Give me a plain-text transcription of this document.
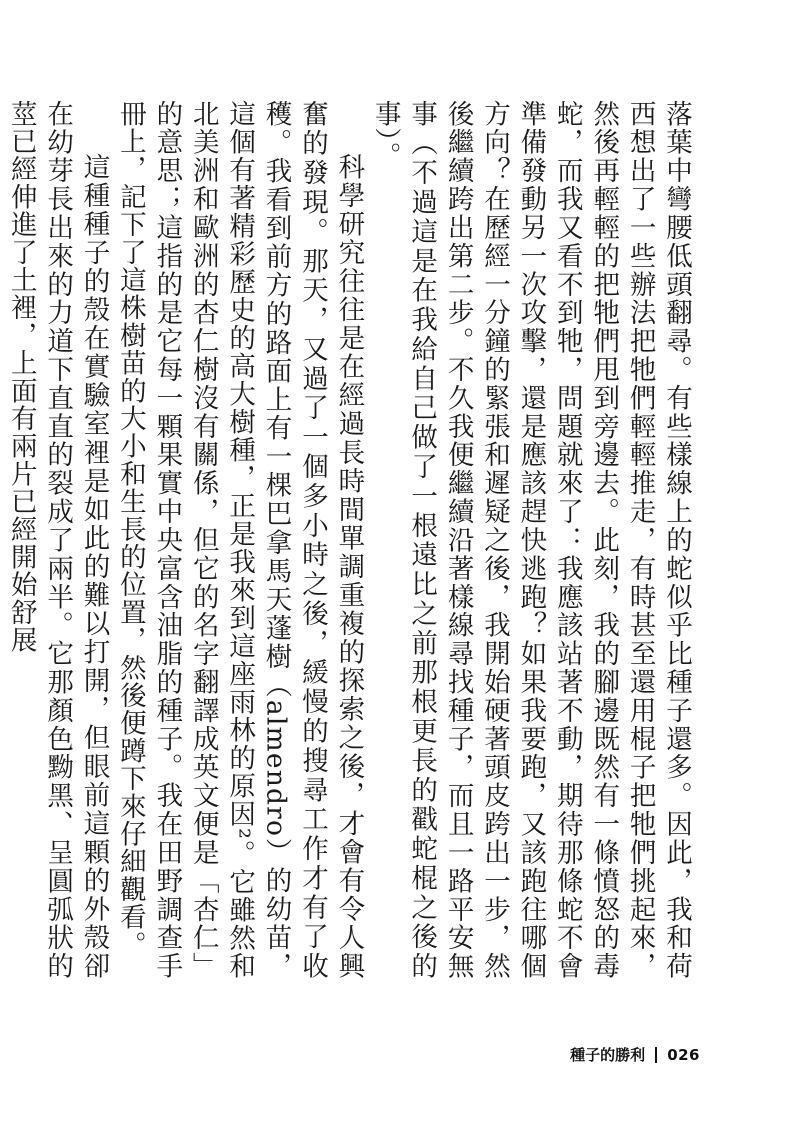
落葉中彎腰低頭翻尋。有些樣線上的蛇似乎比種子還多。因此，我和荷西想出了一些辦法把牠們輕輕推走，有時甚至還用棍子把牠們挑起來，然後再輕輕的把牠們甩到旁邊去。此刻，我的腳邊既然有一條憤怒的毒蛇，而我又看不到牠，問題就來了：我應該站著不動，期待那條蛇不會準備發動另一次攻擊，還是應該趕快逃跑？如果我要跑，又該跑往哪個方向？在歷經一分鐘的緊張和遲疑之後，我開始硬著頭皮跨出一步，然後繼續跨出第二步。不久我便繼續沿著樣線尋找種子，而且一路平安無事（不過這是在我給自己做了一根遠比之前那根更長的戳蛇棍之後的事）。

科學研究往往是在經過長時間單調重複的探索之後，才會有令人興奮的發現。那天，又過了一個多小時之後，緩慢的搜尋工作才有了收穫。我看到前方的路面上有一棵巴拿馬天蓬樹（almendro）的幼苗，這個有著精彩歷史的高大樹種，正是我來到這座雨林的原因²。它雖然和北美洲和歐洲的杏仁樹沒有關係，但它的名字翻譯成英文便是「杏仁」的意思；這指的是它每一顆果實中央富含油脂的種子。我在田野調查手冊上，記下了這株樹苗的大小和生長的位置，然後便蹲下來仔細觀看。

這種種子的殼在實驗室裡是如此的難以打開，但眼前這顆的外殼卻在幼芽長出來的力道下直直的裂成了兩半。它那顏色黝黑、呈圓弧狀的莖已經伸進了土裡，上面有兩片已經開始舒展

種子的勝利 026
